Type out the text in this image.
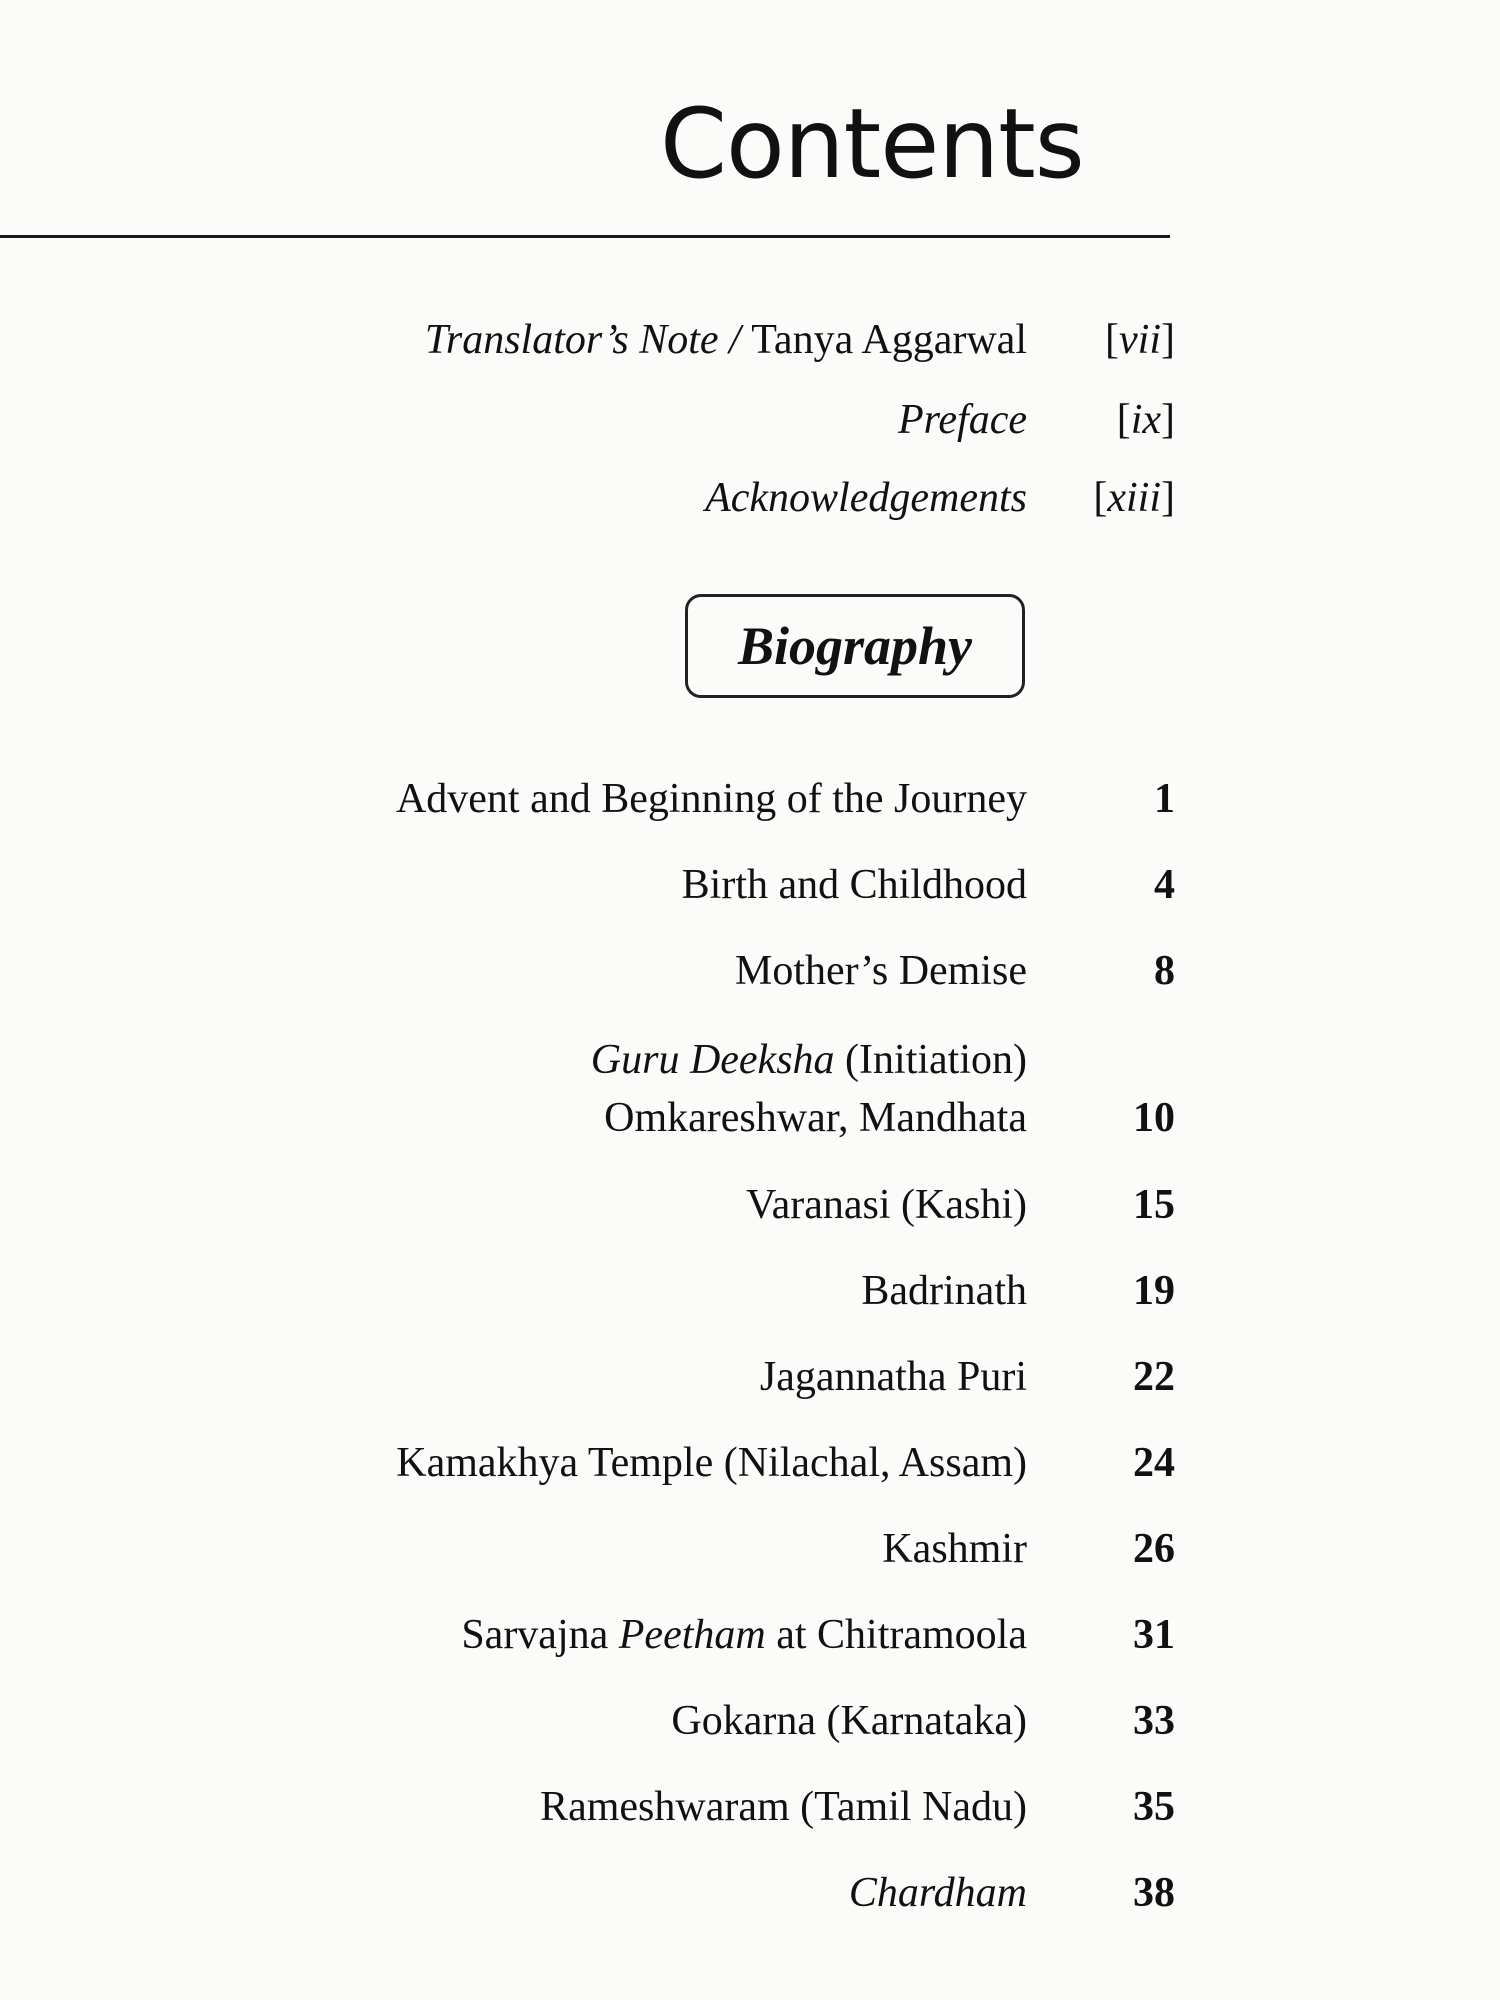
Contents
Translator’s Note / Tanya Aggarwal [vii]
Preface [ix]
Acknowledgements [xiii]
Biography
Advent and Beginning of the Journey	1
Birth and Childhood	4
Mother’s Demise	8
Guru Deeksha (Initiation)
Omkareshwar, Mandhata	10
Varanasi (Kashi)	15
Badrinath	19
Jagannatha Puri	22
Kamakhya Temple (Nilachal, Assam)	24
Kashmir	26
Sarvajna Peetham at Chitramoola	31
Gokarna (Karnataka)	33
Rameshwaram (Tamil Nadu)	35
Chardham	38
